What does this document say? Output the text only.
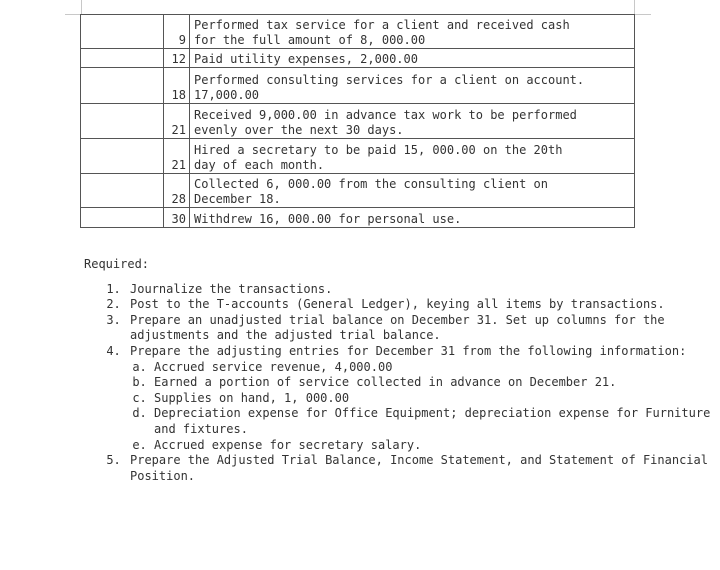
	9	Performed tax service for a client and received cash
for the full amount of 8, 000.00

	12	Paid utility expenses, 2,000.00

	18	Performed consulting services for a client on account.
17,000.00

	21	Received 9,000.00 in advance tax work to be performed
evenly over the next 30 days.

	21	Hired a secretary to be paid 15, 000.00 on the 20th
day of each month.

	28	Collected 6, 000.00 from the consulting client on
December 18.

	30	Withdrew 16, 000.00 for personal use.
Required:
1. Journalize the transactions.
2. Post to the T-accounts (General Ledger), keying all items by transactions.
3. Prepare an unadjusted trial balance on December 31. Set up columns for the adjustments and the adjusted trial balance.
4. Prepare the adjusting entries for December 31 from the following information:
a. Accrued service revenue, 4,000.00
b. Earned a portion of service collected in advance on December 21.
c. Supplies on hand, 1, 000.00
d. Depreciation expense for Office Equipment; depreciation expense for Furniture and fixtures.
e. Accrued expense for secretary salary.
5. Prepare the Adjusted Trial Balance, Income Statement, and Statement of Financial Position.
